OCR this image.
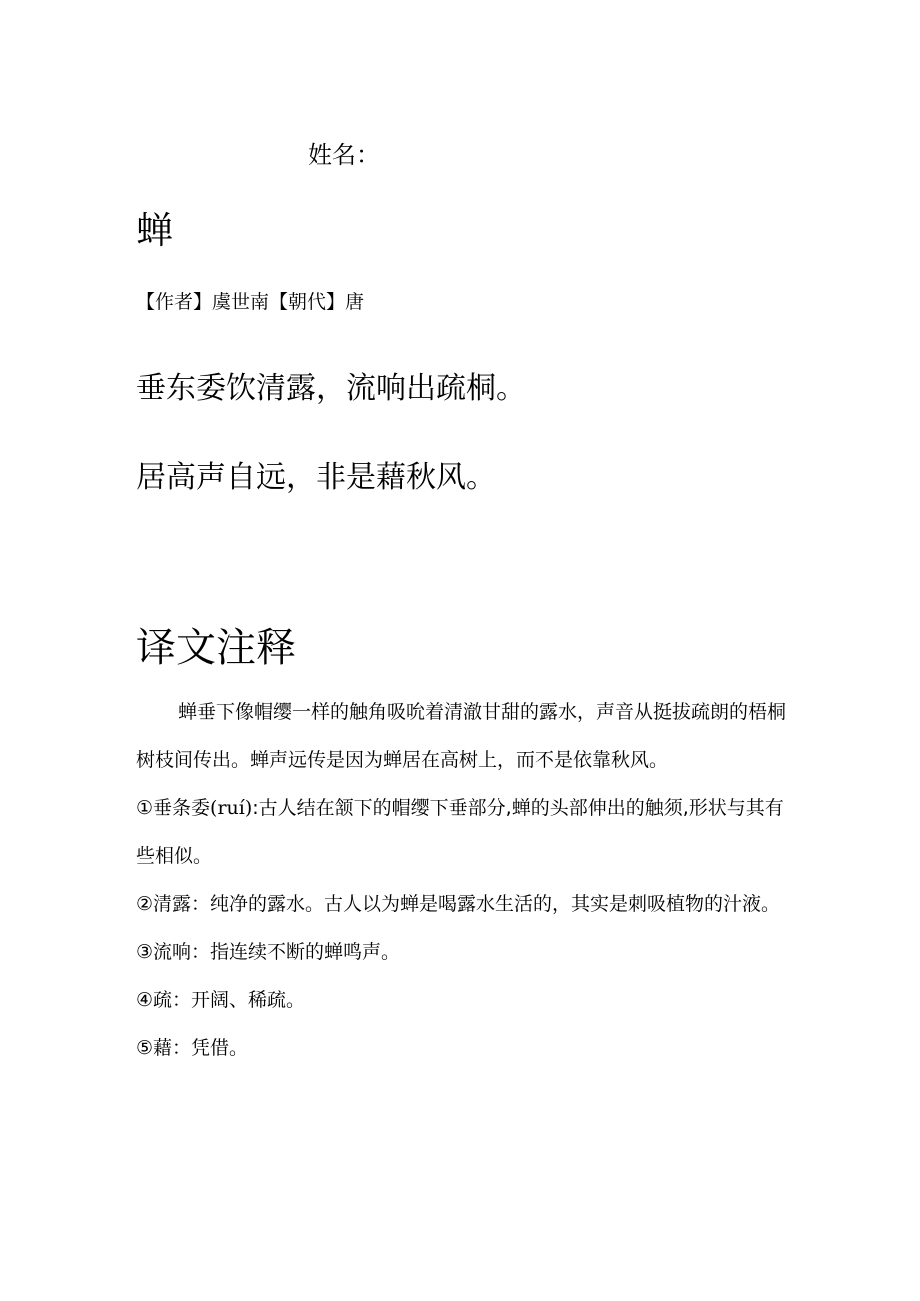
姓名：
蝉
【作者】虞世南【朝代】唐
垂东委饮清露，流响出疏桐。
居高声自远，非是藉秋风。
译文注释

蝉垂下像帽缨一样的触角吸吮着清澈甘甜的露水，声音从挺拔疏朗的梧桐树枝间传出。蝉声远传是因为蝉居在高树上，而不是依靠秋风。

①垂条委(ruí):古人结在颔下的帽缨下垂部分,蝉的头部伸出的触须,形状与其有些相似。

②清露：纯净的露水。古人以为蝉是喝露水生活的，其实是刺吸植物的汁液。

③流响：指连续不断的蝉鸣声。

④疏：开阔、稀疏。

⑤藉：凭借。
